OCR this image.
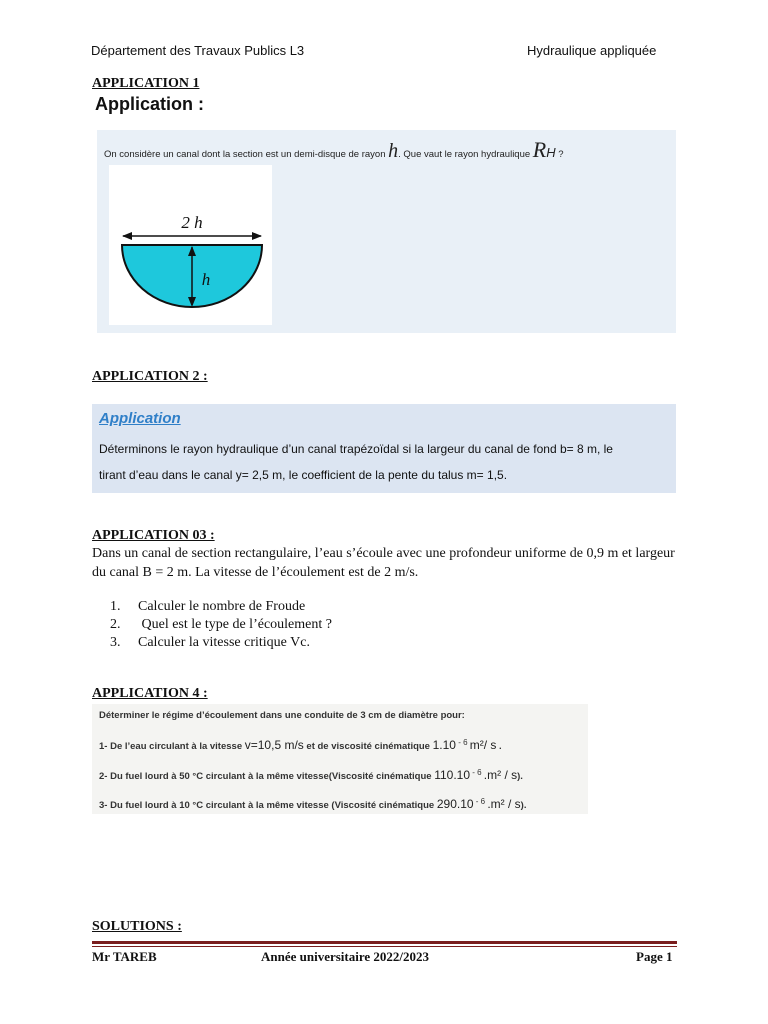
Département des Travaux Publics L3	Hydraulique appliquée
APPLICATION 1
Application :
On considère un canal dont la section est un demi-disque de rayon h. Que vaut le rayon hydraulique RH ?
2 h
h
APPLICATION 2 :
Application
Déterminons le rayon hydraulique d’un canal trapézoïdal si la largeur du canal de fond b= 8 m, le
tirant d’eau dans le canal y= 2,5 m, le coefficient de la pente du talus m= 1,5.
APPLICATION 03 :
Dans un canal de section rectangulaire, l’eau s’écoule avec une profondeur uniforme de 0,9 m et largeur du canal B = 2 m. La vitesse de l’écoulement est de 2 m/s.
1. Calculer le nombre de Froude
2. Quel est le type de l’écoulement ?
3. Calculer la vitesse critique Vc.
APPLICATION 4 :
Déterminer le régime d’écoulement dans une conduite de 3 cm de diamètre pour:
1- De l’eau circulant à la vitesse v=10,5 m/s et de viscosité cinématique 1.10 $^{- 6}$ m²/ s .
2- Du fuel lourd à 50 °C circulant à la même vitesse(Viscosité cinématique 110.10 $^{- 6}$ .m² / s).
3- Du fuel lourd à 10 °C circulant à la même vitesse (Viscosité cinématique 290.10 $^{- 6}$ .m² / s).
SOLUTIONS :
Mr TAREB	Année universitaire 2022/2023	Page 1
